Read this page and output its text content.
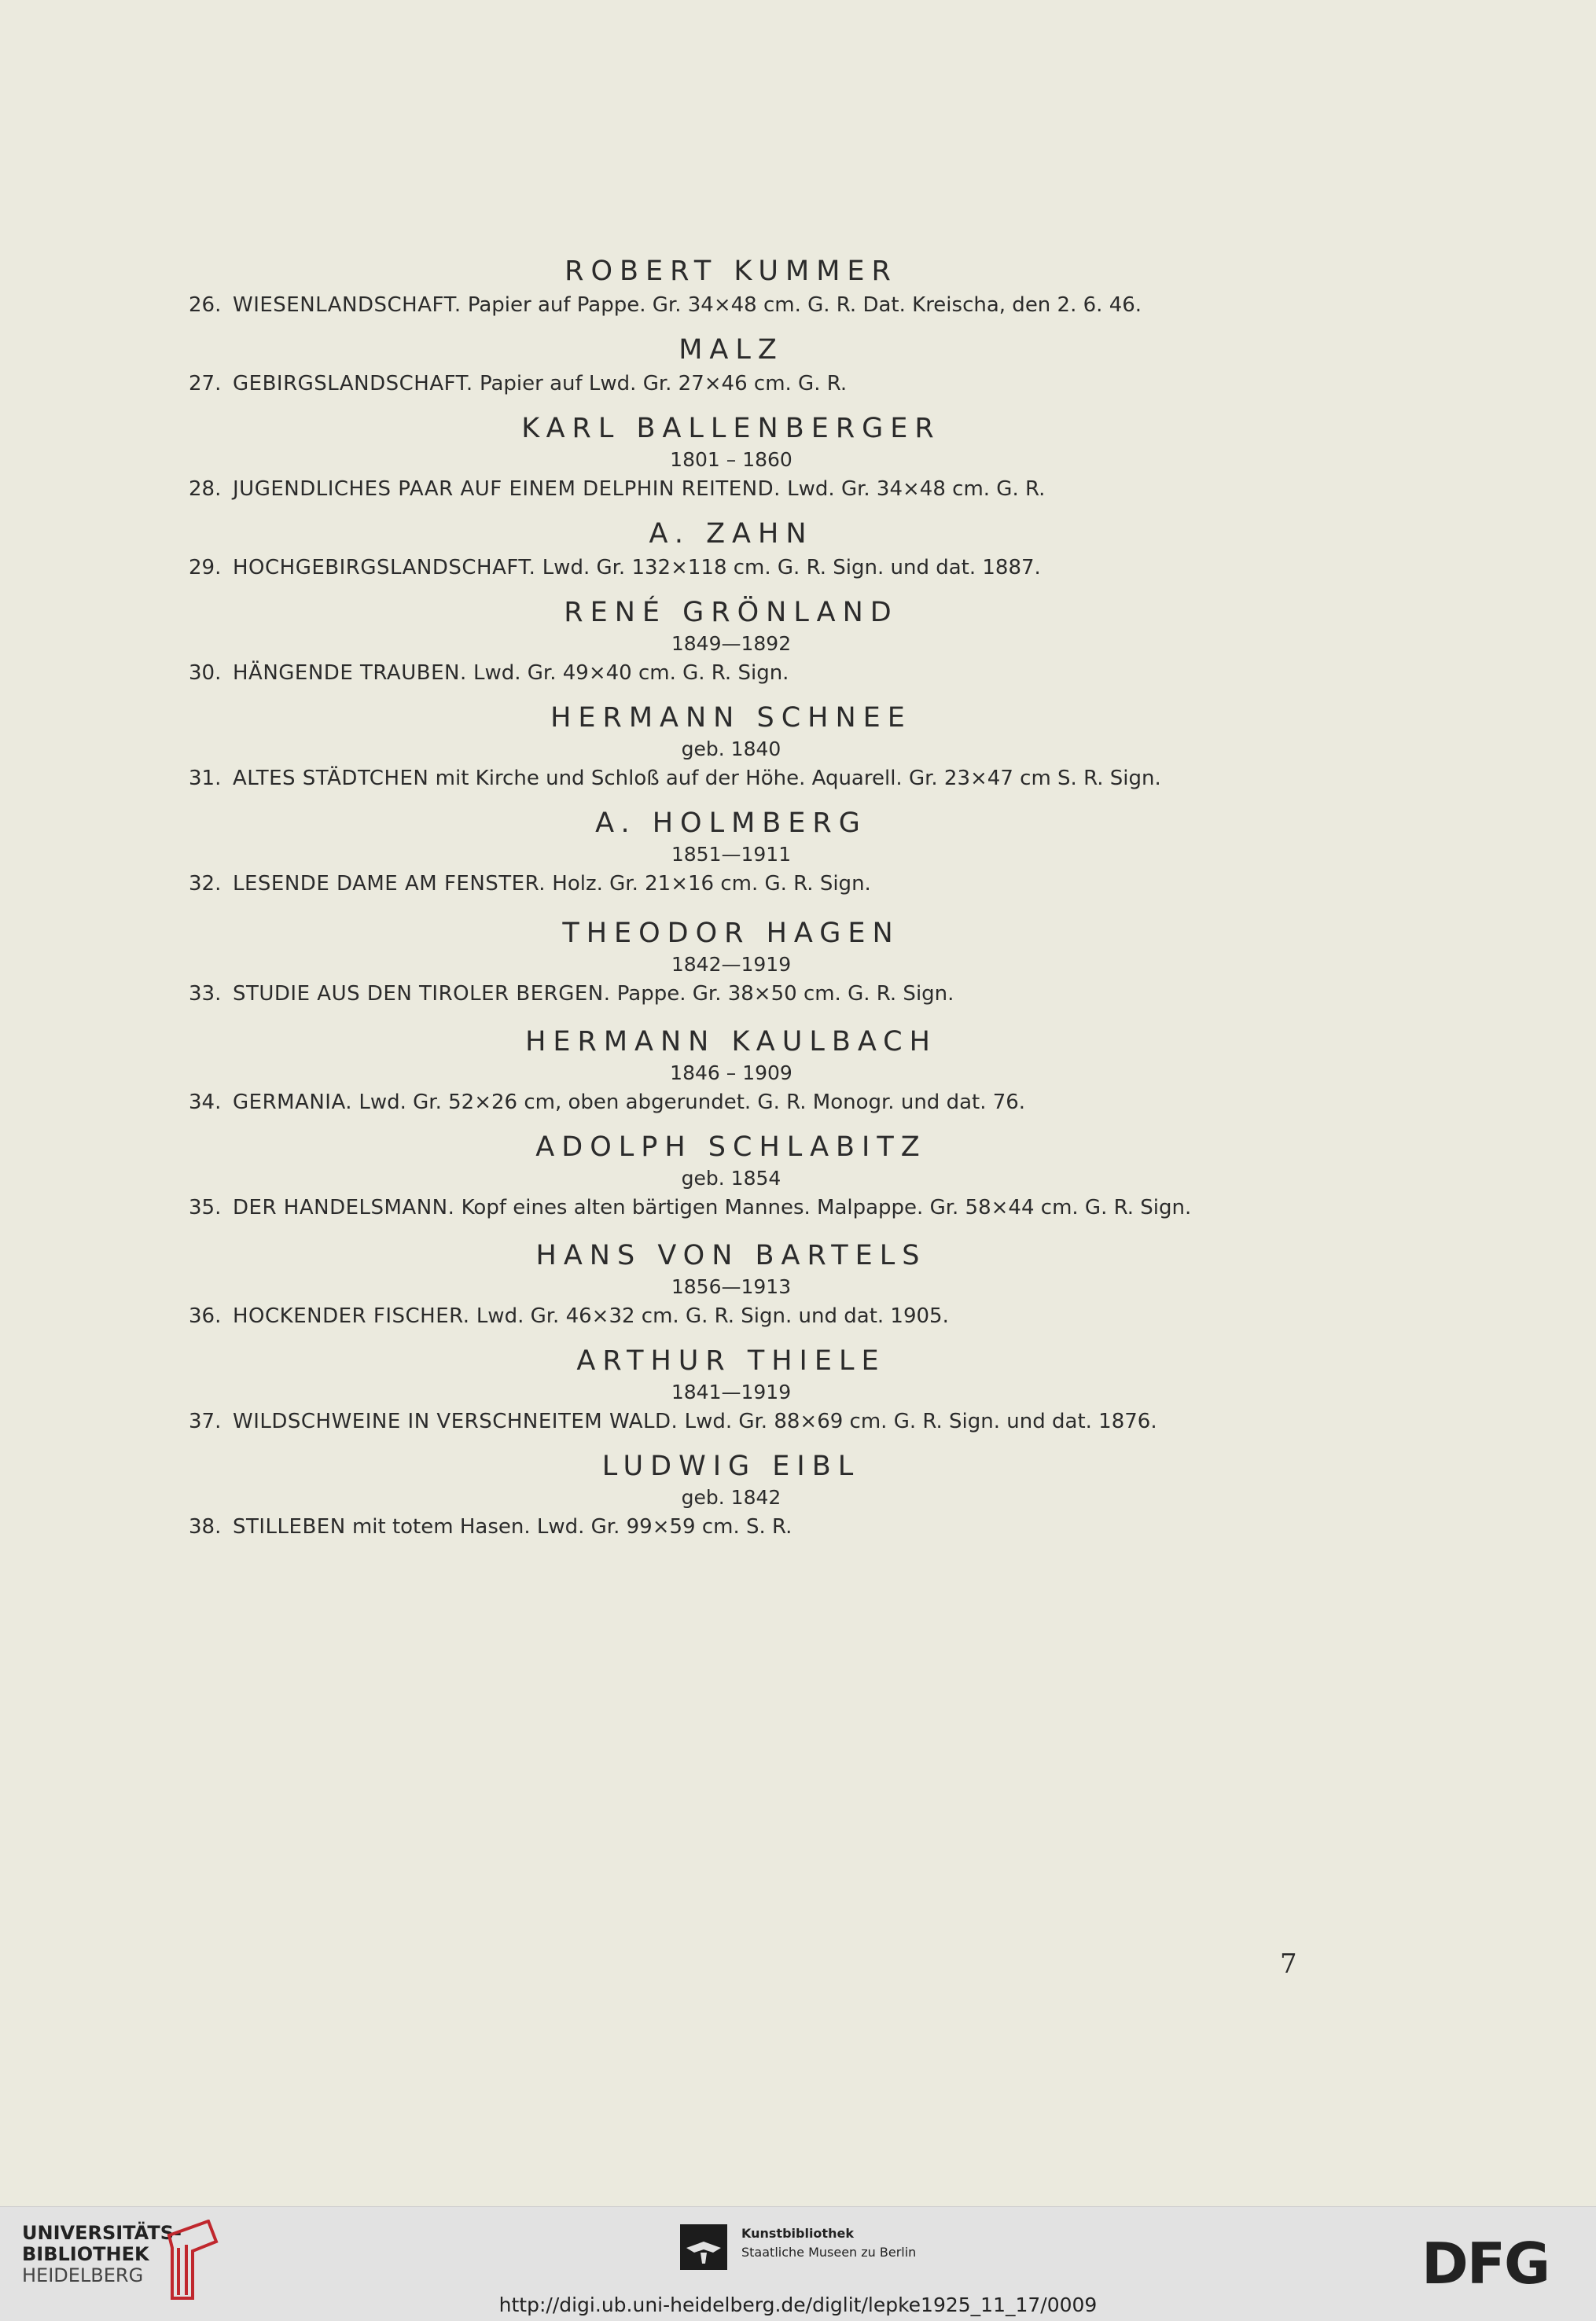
ROBERT KUMMER
26. WIESENLANDSCHAFT. Papier auf Pappe. Gr. 34×48 cm. G. R. Dat. Kreischa, den 2. 6. 46.
MALZ
27. GEBIRGSLANDSCHAFT. Papier auf Lwd. Gr. 27×46 cm. G. R.
KARL BALLENBERGER
1801 – 1860
28. JUGENDLICHES PAAR AUF EINEM DELPHIN REITEND. Lwd. Gr. 34×48 cm. G. R.
A. ZAHN
29. HOCHGEBIRGSLANDSCHAFT. Lwd. Gr. 132×118 cm. G. R. Sign. und dat. 1887.
RENÉ GRÖNLAND
1849—1892
30. HÄNGENDE TRAUBEN. Lwd. Gr. 49×40 cm. G. R. Sign.
HERMANN SCHNEE
geb. 1840
31. ALTES STÄDTCHEN mit Kirche und Schloß auf der Höhe. Aquarell. Gr. 23×47 cm S. R. Sign.
A. HOLMBERG
1851—1911
32. LESENDE DAME AM FENSTER. Holz. Gr. 21×16 cm. G. R. Sign.
THEODOR HAGEN
1842—1919
33. STUDIE AUS DEN TIROLER BERGEN. Pappe. Gr. 38×50 cm. G. R. Sign.
HERMANN KAULBACH
1846 – 1909
34. GERMANIA. Lwd. Gr. 52×26 cm, oben abgerundet. G. R. Monogr. und dat. 76.
ADOLPH SCHLABITZ
geb. 1854
35. DER HANDELSMANN. Kopf eines alten bärtigen Mannes. Malpappe. Gr. 58×44 cm. G. R. Sign.
HANS VON BARTELS
1856—1913
36. HOCKENDER FISCHER. Lwd. Gr. 46×32 cm. G. R. Sign. und dat. 1905.
ARTHUR THIELE
1841—1919
37. WILDSCHWEINE IN VERSCHNEITEM WALD. Lwd. Gr. 88×69 cm. G. R. Sign. und dat. 1876.
LUDWIG EIBL
geb. 1842
38. STILLEBEN mit totem Hasen. Lwd. Gr. 99×59 cm. S. R.
7
UNIVERSITÄTS-
BIBLIOTHEK
HEIDELBERG
Kunstbibliothek
Staatliche Museen zu Berlin	DFG
http://digi.ub.uni-heidelberg.de/diglit/lepke1925_11_17/0009
